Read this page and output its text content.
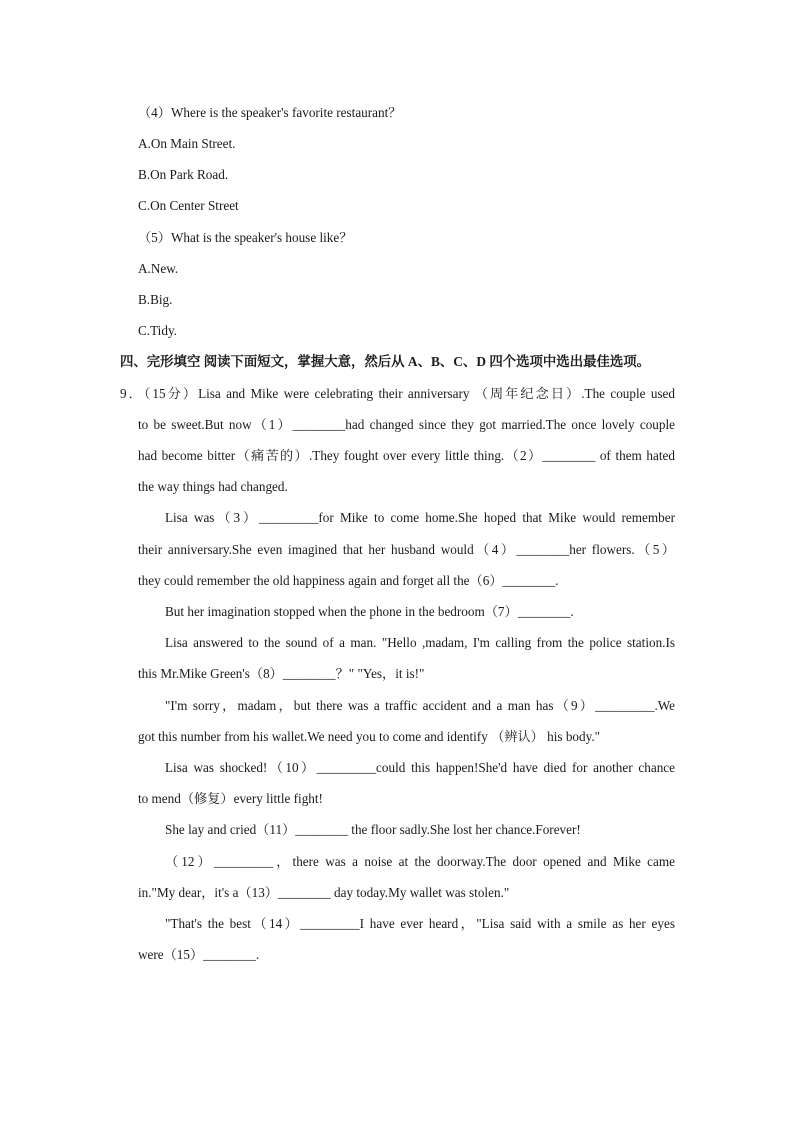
（4）Where is the speaker's favorite restaurant？
A.On Main Street.
B.On Park Road.
C.On Center Street
（5）What is the speaker's house like？
A.New.
B.Big.
C.Tidy.
四、完形填空 阅读下面短文，掌握大意，然后从 A、B、C、D 四个选项中选出最佳选项。
9．（15分）Lisa and Mike were celebrating their anniversary （周年纪念日）.The couple used
to be sweet.But now（1）________had changed since they got married.The once lovely couple
had become bitter（痛苦的）.They fought over every little thing.（2）________ of them hated
the way things had changed.
Lisa was（3）_________for Mike to come home.She hoped that Mike would remember
their anniversary.She even imagined that her husband would（4）________her flowers.（5）
they could remember the old happiness again and forget all the（6）________.
But her imagination stopped when the phone in the bedroom（7）________.
Lisa answered to the sound of a man. "Hello ,madam, I'm calling from the police station.Is
this Mr.Mike Green's（8）________？" "Yes，it is!"
"I'm sorry，madam，but there was a traffic accident and a man has（9）_________.We
got this number from his wallet.We need you to come and identify （辨认） his body."
Lisa was shocked!（10）_________could this happen!She'd have died for another chance
to mend（修复）every little fight!
She lay and cried（11）________ the floor sadly.She lost her chance.Forever!
（12）_________，there was a noise at the doorway.The door opened and Mike came
in."My dear，it's a（13）________ day today.My wallet was stolen."
"That's the best（14）_________I have ever heard，"Lisa said with a smile as her eyes
were（15）________.
